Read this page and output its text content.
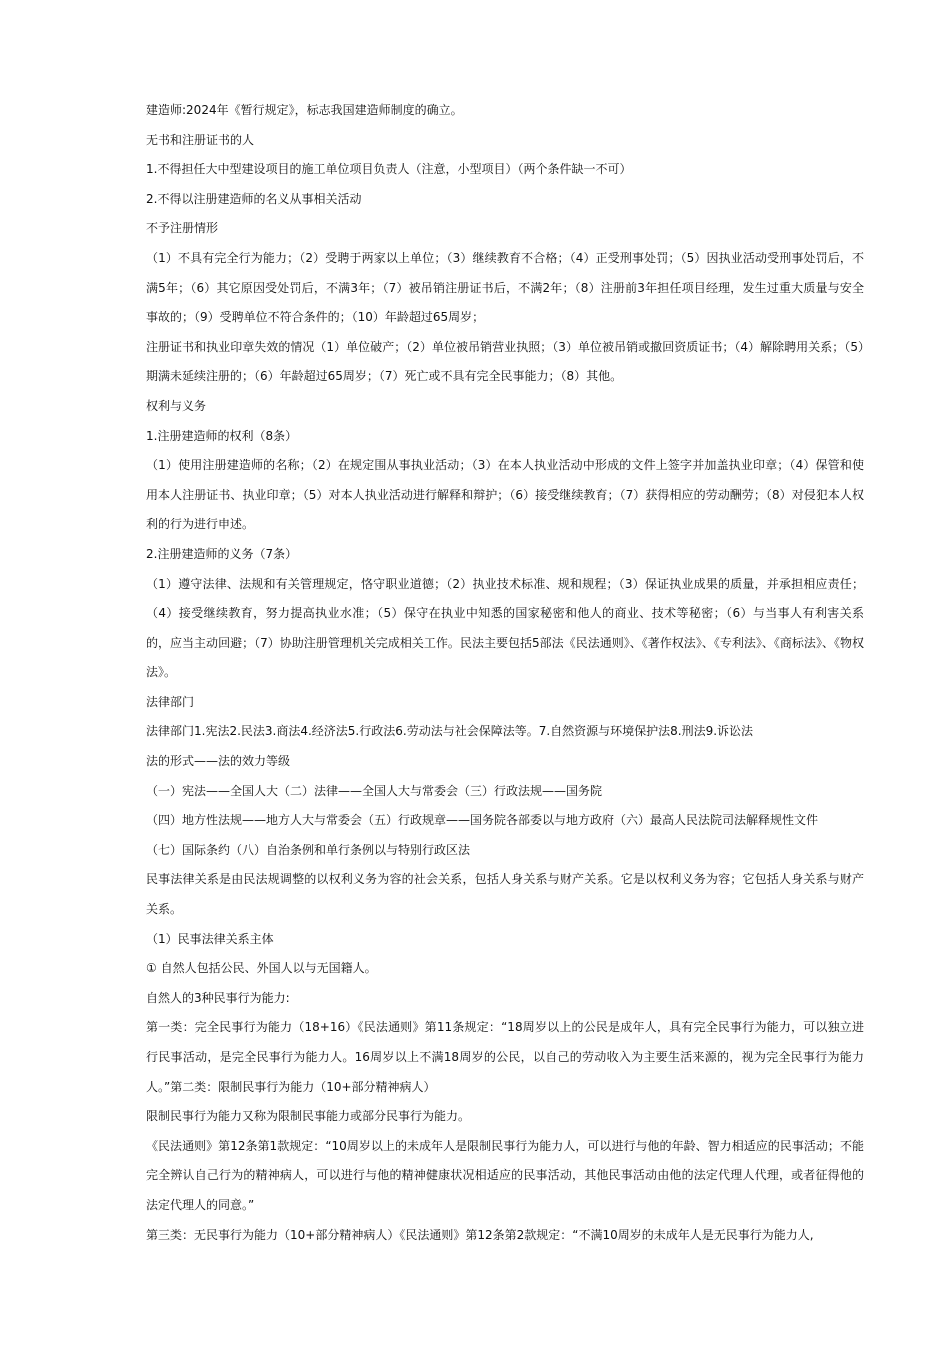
建造师:2024年《暂行规定》，标志我国建造师制度的确立。

无书和注册证书的人

1.不得担任大中型建设项目的施工单位项目负责人（注意，小型项目）（两个条件缺一不可）

2.不得以注册建造师的名义从事相关活动

不予注册情形

（1）不具有完全行为能力；（2）受聘于两家以上单位；（3）继续教育不合格；（4）正受刑事处罚；（5）因执业活动受刑事处罚后，不满5年；（6）其它原因受处罚后，不满3年；（7）被吊销注册证书后，不满2年；（8）注册前3年担任项目经理，发生过重大质量与安全事故的；（9）受聘单位不符合条件的；（10）年龄超过65周岁；

注册证书和执业印章失效的情况（1）单位破产；（2）单位被吊销营业执照；（3）单位被吊销或撤回资质证书；（4）解除聘用关系；（5）期满未延续注册的；（6）年龄超过65周岁；（7）死亡或不具有完全民事能力；（8）其他。

权利与义务

1.注册建造师的权利（8条）

（1）使用注册建造师的名称；（2）在规定围从事执业活动；（3）在本人执业活动中形成的文件上签字并加盖执业印章；（4）保管和使用本人注册证书、执业印章；（5）对本人执业活动进行解释和辩护；（6）接受继续教育；（7）获得相应的劳动酬劳；（8）对侵犯本人权利的行为进行申述。

2.注册建造师的义务（7条）

（1）遵守法律、法规和有关管理规定，恪守职业道德；（2）执业技术标准、规和规程；（3）保证执业成果的质量，并承担相应责任；（4）接受继续教育，努力提高执业水准；（5）保守在执业中知悉的国家秘密和他人的商业、技术等秘密；（6）与当事人有利害关系的，应当主动回避；（7）协助注册管理机关完成相关工作。民法主要包括5部法《民法通则》、《著作权法》、《专利法》、《商标法》、《物权法》。

法律部门

法律部门1.宪法2.民法3.商法4.经济法5.行政法6.劳动法与社会保障法等。7.自然资源与环境保护法8.刑法9.诉讼法

法的形式——法的效力等级

（一）宪法——全国人大（二）法律——全国人大与常委会（三）行政法规——国务院

（四）地方性法规——地方人大与常委会（五）行政规章——国务院各部委以与地方政府（六）最高人民法院司法解释规性文件

（七）国际条约（八）自治条例和单行条例以与特别行政区法

民事法律关系是由民法规调整的以权利义务为容的社会关系，包括人身关系与财产关系。它是以权利义务为容；它包括人身关系与财产关系。

（1）民事法律关系主体

① 自然人包括公民、外国人以与无国籍人。

自然人的3种民事行为能力:

第一类：完全民事行为能力（18+16）《民法通则》第11条规定：“18周岁以上的公民是成年人，具有完全民事行为能力，可以独立进行民事活动，是完全民事行为能力人。16周岁以上不满18周岁的公民，以自己的劳动收入为主要生活来源的，视为完全民事行为能力人。”第二类：限制民事行为能力（10+部分精神病人）

限制民事行为能力又称为限制民事能力或部分民事行为能力。

《民法通则》第12条第1款规定：“10周岁以上的未成年人是限制民事行为能力人，可以进行与他的年龄、智力相适应的民事活动；不能完全辨认自己行为的精神病人，可以进行与他的精神健康状况相适应的民事活动，其他民事活动由他的法定代理人代理，或者征得他的法定代理人的同意。”

第三类：无民事行为能力（10+部分精神病人）《民法通则》第12条第2款规定：“不满10周岁的未成年人是无民事行为能力人,
